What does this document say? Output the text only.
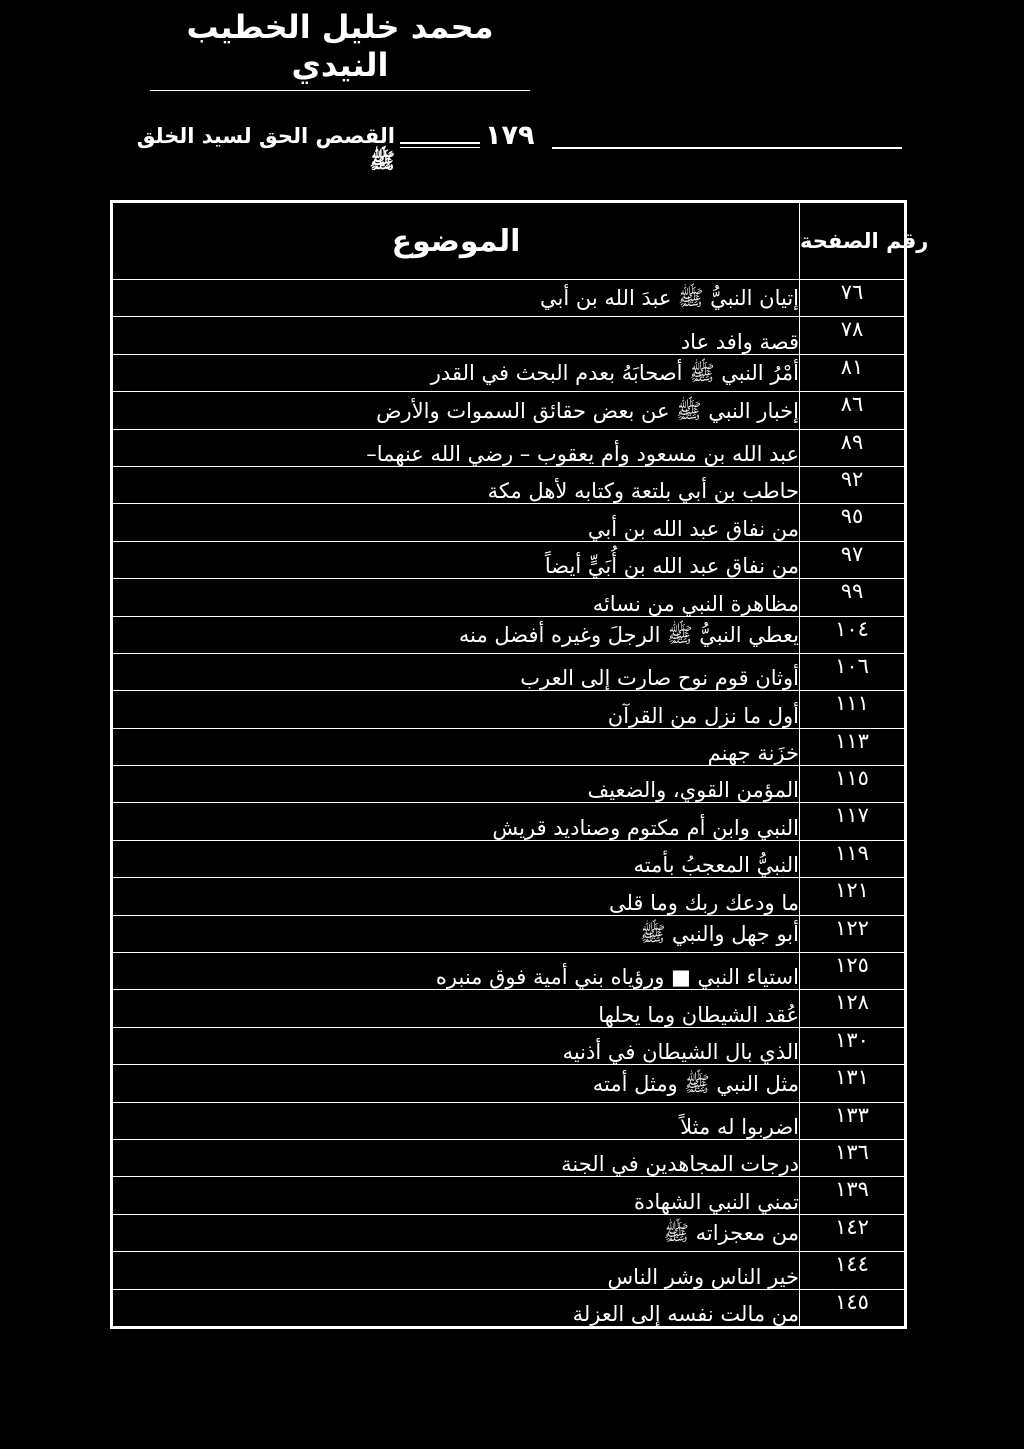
محمد خليل الخطيب النيدي
القصص الحق لسيد الخلق ﷺ
١٧٩
الموضوع	رقم الصفحة
إتيان النبيُّ ﷺ عبدَ الله بن أبي	٧٦
قصة وافد عاد	٧٨
أمْرُ النبي ﷺ أصحابَهُ بعدم البحث في القدر	٨١
إخبار النبي ﷺ عن بعض حقائق السموات والأرض	٨٦
عبد الله بن مسعود وأم يعقوب – رضي الله عنهما–	٨٩
حاطب بن أبي بلتعة وكتابه لأهل مكة	٩٢
من نفاق عبد الله بن أبي	٩٥
من نفاق عبد الله بن أُبَيٍّ أيضاً	٩٧
مظاهرة النبي من نسائه	٩٩
يعطي النبيُّ ﷺ الرجلَ وغيره أفضل منه	١٠٤
أوثان قوم نوح صارت إلى العرب	١٠٦
أول ما نزل من القرآن	١١١
خزَنة جهنم	١١٣
المؤمن القوي، والضعيف	١١٥
النبي وابن أم مكتوم وصناديد قريش	١١٧
النبيُّ المعجبُ بأمته	١١٩
ما ودعك ربك وما قلى	١٢١
أبو جهل والنبي ﷺ	١٢٢
استياء النبي ■ ورؤياه بني أمية فوق منبره	١٢٥
عُقد الشيطان وما يحلها	١٢٨
الذي بال الشيطان في أذنيه	١٣٠
مثل النبي ﷺ ومثل أمته	١٣١
اضربوا له مثلاً	١٣٣
درجات المجاهدين في الجنة	١٣٦
تمني النبي الشهادة	١٣٩
من معجزاته ﷺ	١٤٢
خير الناس وشر الناس	١٤٤
من مالت نفسه إلى العزلة	١٤٥
